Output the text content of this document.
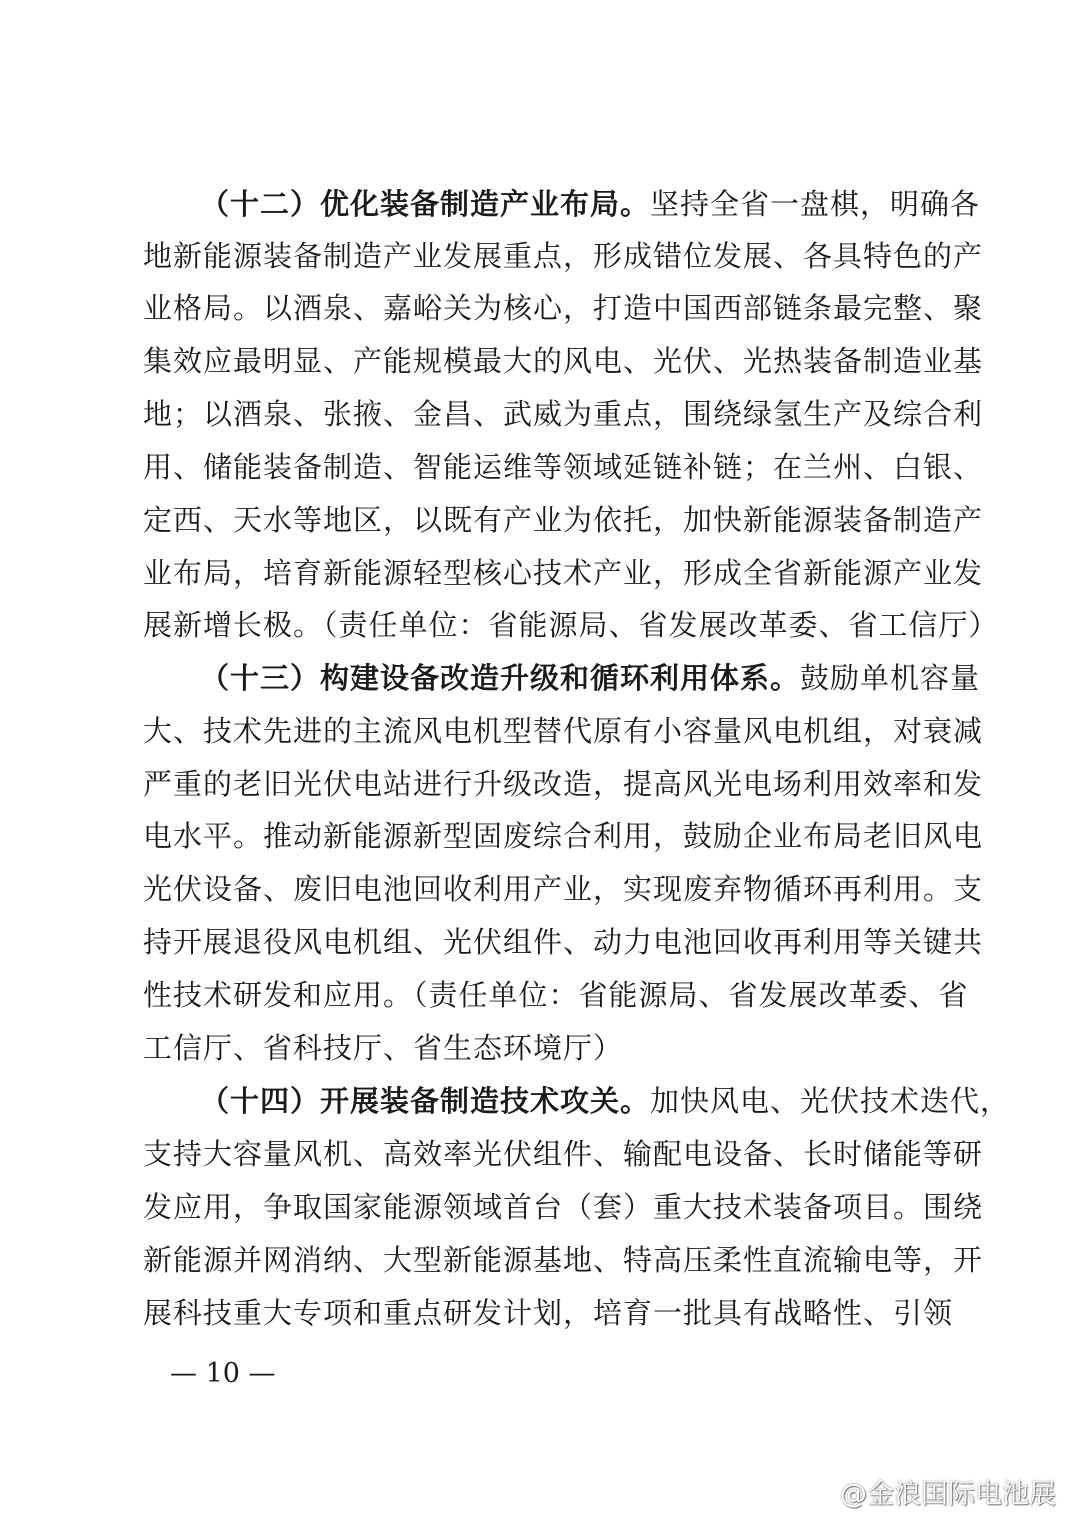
（十二）优化装备制造产业布局。坚持全省一盘棋，明确各
地新能源装备制造产业发展重点，形成错位发展、各具特色的产
业格局。以酒泉、嘉峪关为核心，打造中国西部链条最完整、聚
集效应最明显、产能规模最大的风电、光伏、光热装备制造业基
地；以酒泉、张掖、金昌、武威为重点，围绕绿氢生产及综合利
用、储能装备制造、智能运维等领域延链补链；在兰州、白银、
定西、天水等地区，以既有产业为依托，加快新能源装备制造产
业布局，培育新能源轻型核心技术产业，形成全省新能源产业发
展新增长极。（责任单位：省能源局、省发展改革委、省工信厅）
（十三）构建设备改造升级和循环利用体系。鼓励单机容量
大、技术先进的主流风电机型替代原有小容量风电机组，对衰减
严重的老旧光伏电站进行升级改造，提高风光电场利用效率和发
电水平。推动新能源新型固废综合利用，鼓励企业布局老旧风电
光伏设备、废旧电池回收利用产业，实现废弃物循环再利用。支
持开展退役风电机组、光伏组件、动力电池回收再利用等关键共
性技术研发和应用。（责任单位：省能源局、省发展改革委、省
工信厅、省科技厅、省生态环境厅）
（十四）开展装备制造技术攻关。加快风电、光伏技术迭代，
支持大容量风机、高效率光伏组件、输配电设备、长时储能等研
发应用，争取国家能源领域首台（套）重大技术装备项目。围绕
新能源并网消纳、大型新能源基地、特高压柔性直流输电等，开
展科技重大专项和重点研发计划，培育一批具有战略性、引领
— 10 —
@金浪国际电池展
